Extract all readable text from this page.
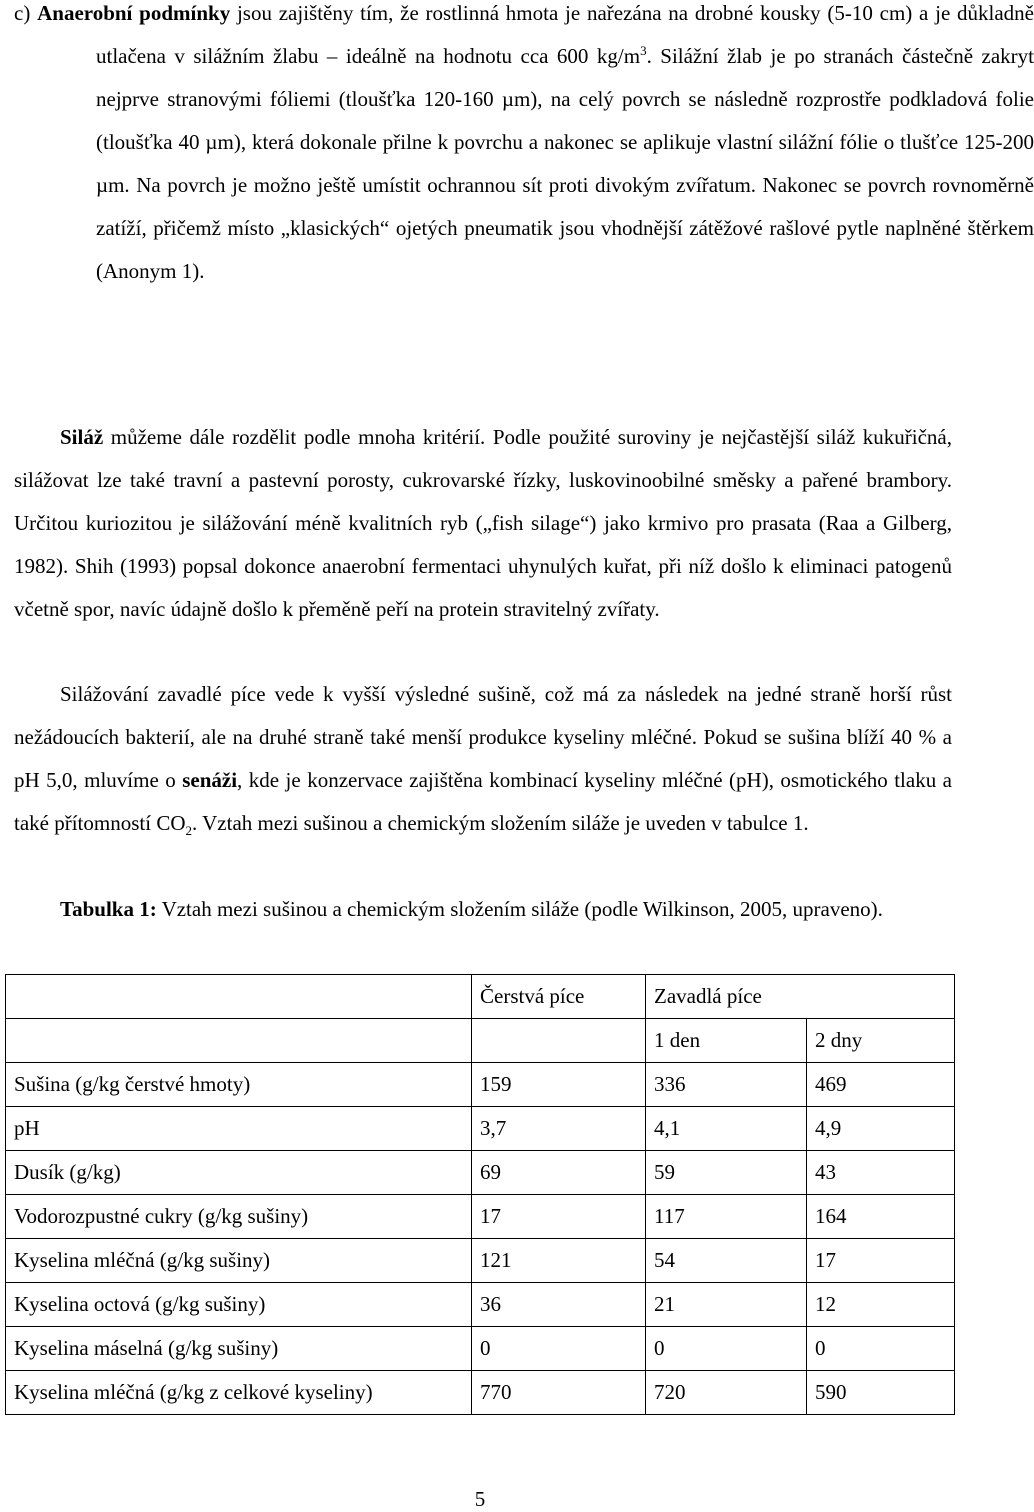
c) Anaerobní podmínky jsou zajištěny tím, že rostlinná hmota je nařezána na drobné kousky (5-10 cm) a je důkladně utlačena v silážním žlabu – ideálně na hodnotu cca 600 $kg/m^3$. Silážní žlab je po stranách částečně zakryt nejprve stranovými fóliemi (tloušťka 120-160 µm), na celý povrch se následně rozprostře podkladová folie (tloušťka 40 µm), která dokonale přilne k povrchu a nakonec se aplikuje vlastní silážní fólie o tlušťce 125-200 µm. Na povrch je možno ještě umístit ochrannou sít proti divokým zvířatum. Nakonec se povrch rovnoměrně zatíží, přičemž místo „klasických“ ojetých pneumatik jsou vhodnější zátěžové rašlové pytle naplněné štěrkem (Anonym 1).

Siláž můžeme dále rozdělit podle mnoha kritérií. Podle použité suroviny je nejčastější siláž kukuřičná, silážovat lze také travní a pastevní porosty, cukrovarské řízky, luskovinoobilné směsky a pařené brambory. Určitou kuriozitou je silážování méně kvalitních ryb („fish silage“) jako krmivo pro prasata (Raa a Gilberg, 1982). Shih (1993) popsal dokonce anaerobní fermentaci uhynulých kuřat, při níž došlo k eliminaci patogenů včetně spor, navíc údajně došlo k přeměně peří na protein stravitelný zvířaty.

Silážování zavadlé píce vede k vyšší výsledné sušině, což má za následek na jedné straně horší růst nežádoucích bakterií, ale na druhé straně také menší produkce kyseliny mléčné. Pokud se sušina blíží 40 % a pH 5,0, mluvíme o senáži, kde je konzervace zajištěna kombinací kyseliny mléčné (pH), osmotického tlaku a také přítomností $CO_2$. Vztah mezi sušinou a chemickým složením siláže je uveden v tabulce 1.

Tabulka 1: Vztah mezi sušinou a chemickým složením siláže (podle Wilkinson, 2005, upraveno).

	Čerstvá píce	Zavadlá píce	
		1 den	2 dny
Sušina (g/kg čerstvé hmoty)	159	336	469
pH	3,7	4,1	4,9
Dusík (g/kg)	69	59	43
Vodorozpustné cukry (g/kg sušiny)	17	117	164
Kyselina mléčná (g/kg sušiny)	121	54	17
Kyselina octová (g/kg sušiny)	36	21	12
Kyselina máselná (g/kg sušiny)	0	0	0
Kyselina mléčná (g/kg z celkové kyseliny)	770	720	590
5
